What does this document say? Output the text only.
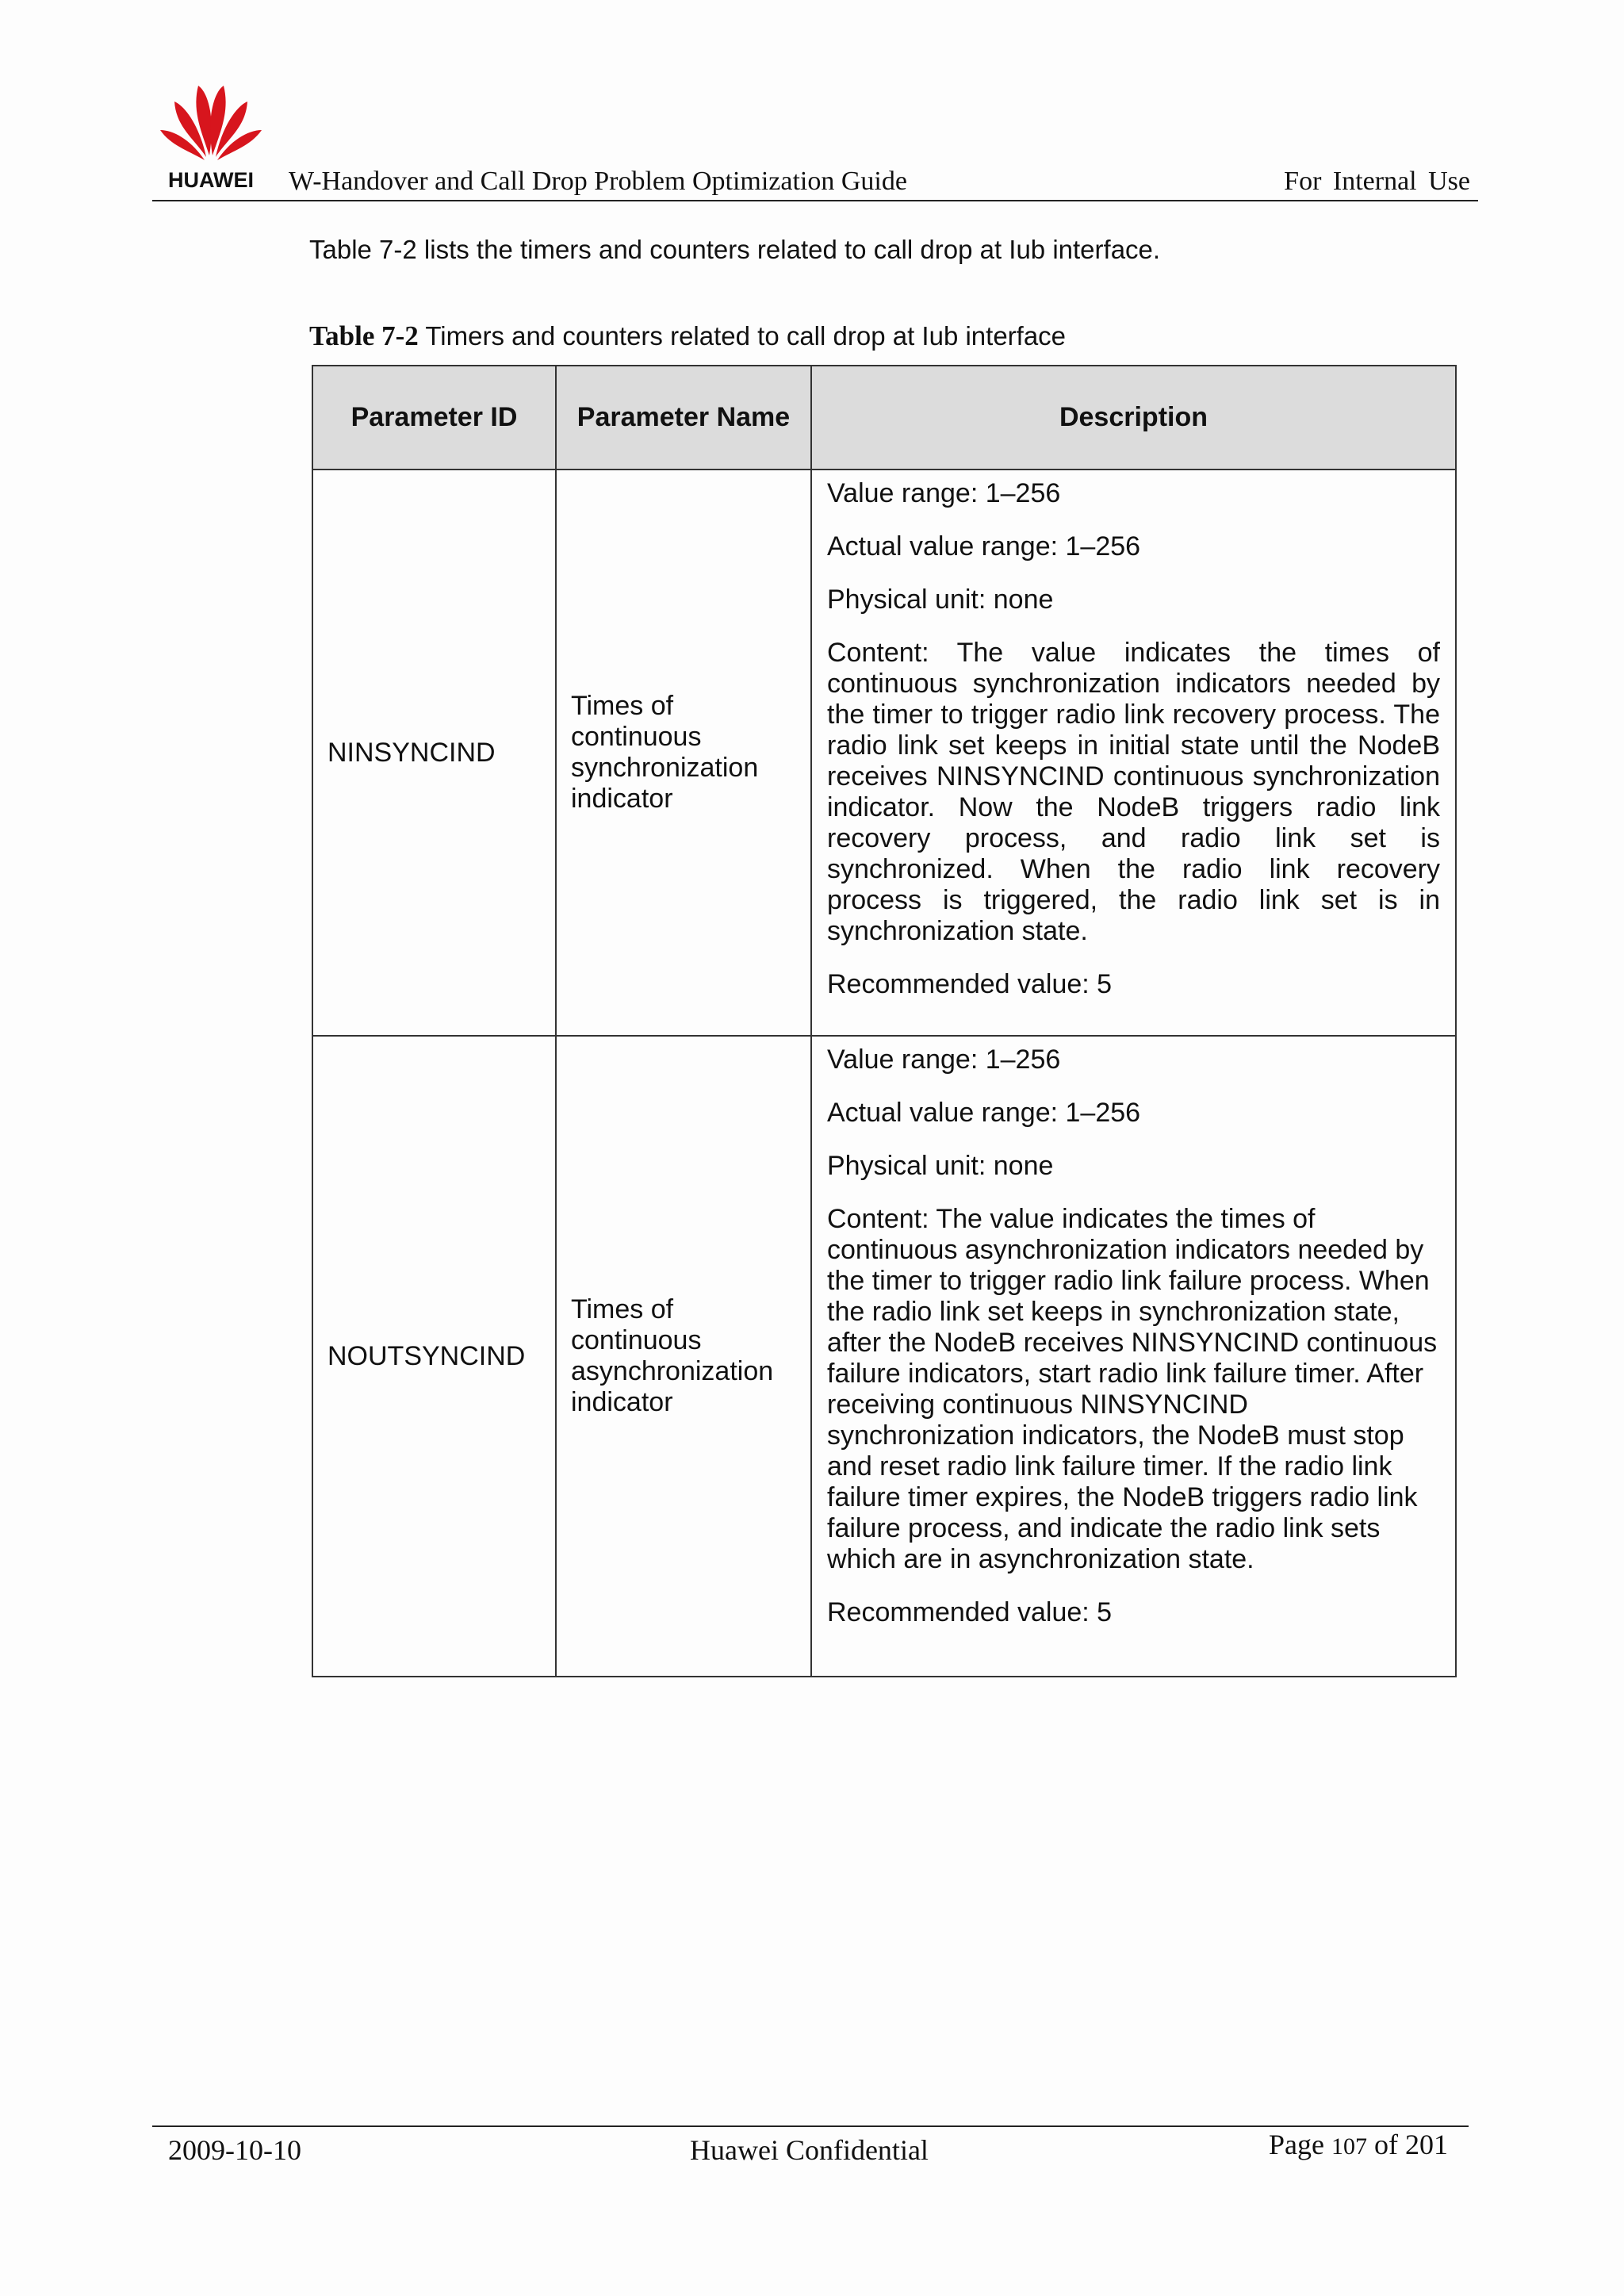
HUAWEI W-Handover and Call Drop Problem Optimization Guide	For Internal Use
Table 7-2 lists the timers and counters related to call drop at Iub interface.
Table 7-2 Timers and counters related to call drop at Iub interface
Parameter ID	Parameter Name	Description
NINSYNCIND	Times of continuous synchronization indicator	Value range: 1–256

Actual value range: 1–256

Physical unit: none

Content: The value indicates the times of continuous synchronization indicators needed by the timer to trigger radio link recovery process. The radio link set keeps in initial state until the NodeB receives NINSYNCIND continuous synchronization indicator. Now the NodeB triggers radio link recovery process, and radio link set is synchronized. When the radio link recovery process is triggered, the radio link set is in synchronization state.

Recommended value: 5

NOUTSYNCIND	Times of continuous asynchronization indicator	Value range: 1–256

Actual value range: 1–256

Physical unit: none

Content: The value indicates the times of continuous asynchronization indicators needed by the timer to trigger radio link failure process. When the radio link set keeps in synchronization state, after the NodeB receives NINSYNCIND continuous failure indicators, start radio link failure timer. After receiving continuous NINSYNCIND synchronization indicators, the NodeB must stop and reset radio link failure timer. If the radio link failure timer expires, the NodeB triggers radio link failure process, and indicate the radio link sets which are in asynchronization state.

Recommended value: 5

2009-10-10	Huawei Confidential	Page 107 of 201
